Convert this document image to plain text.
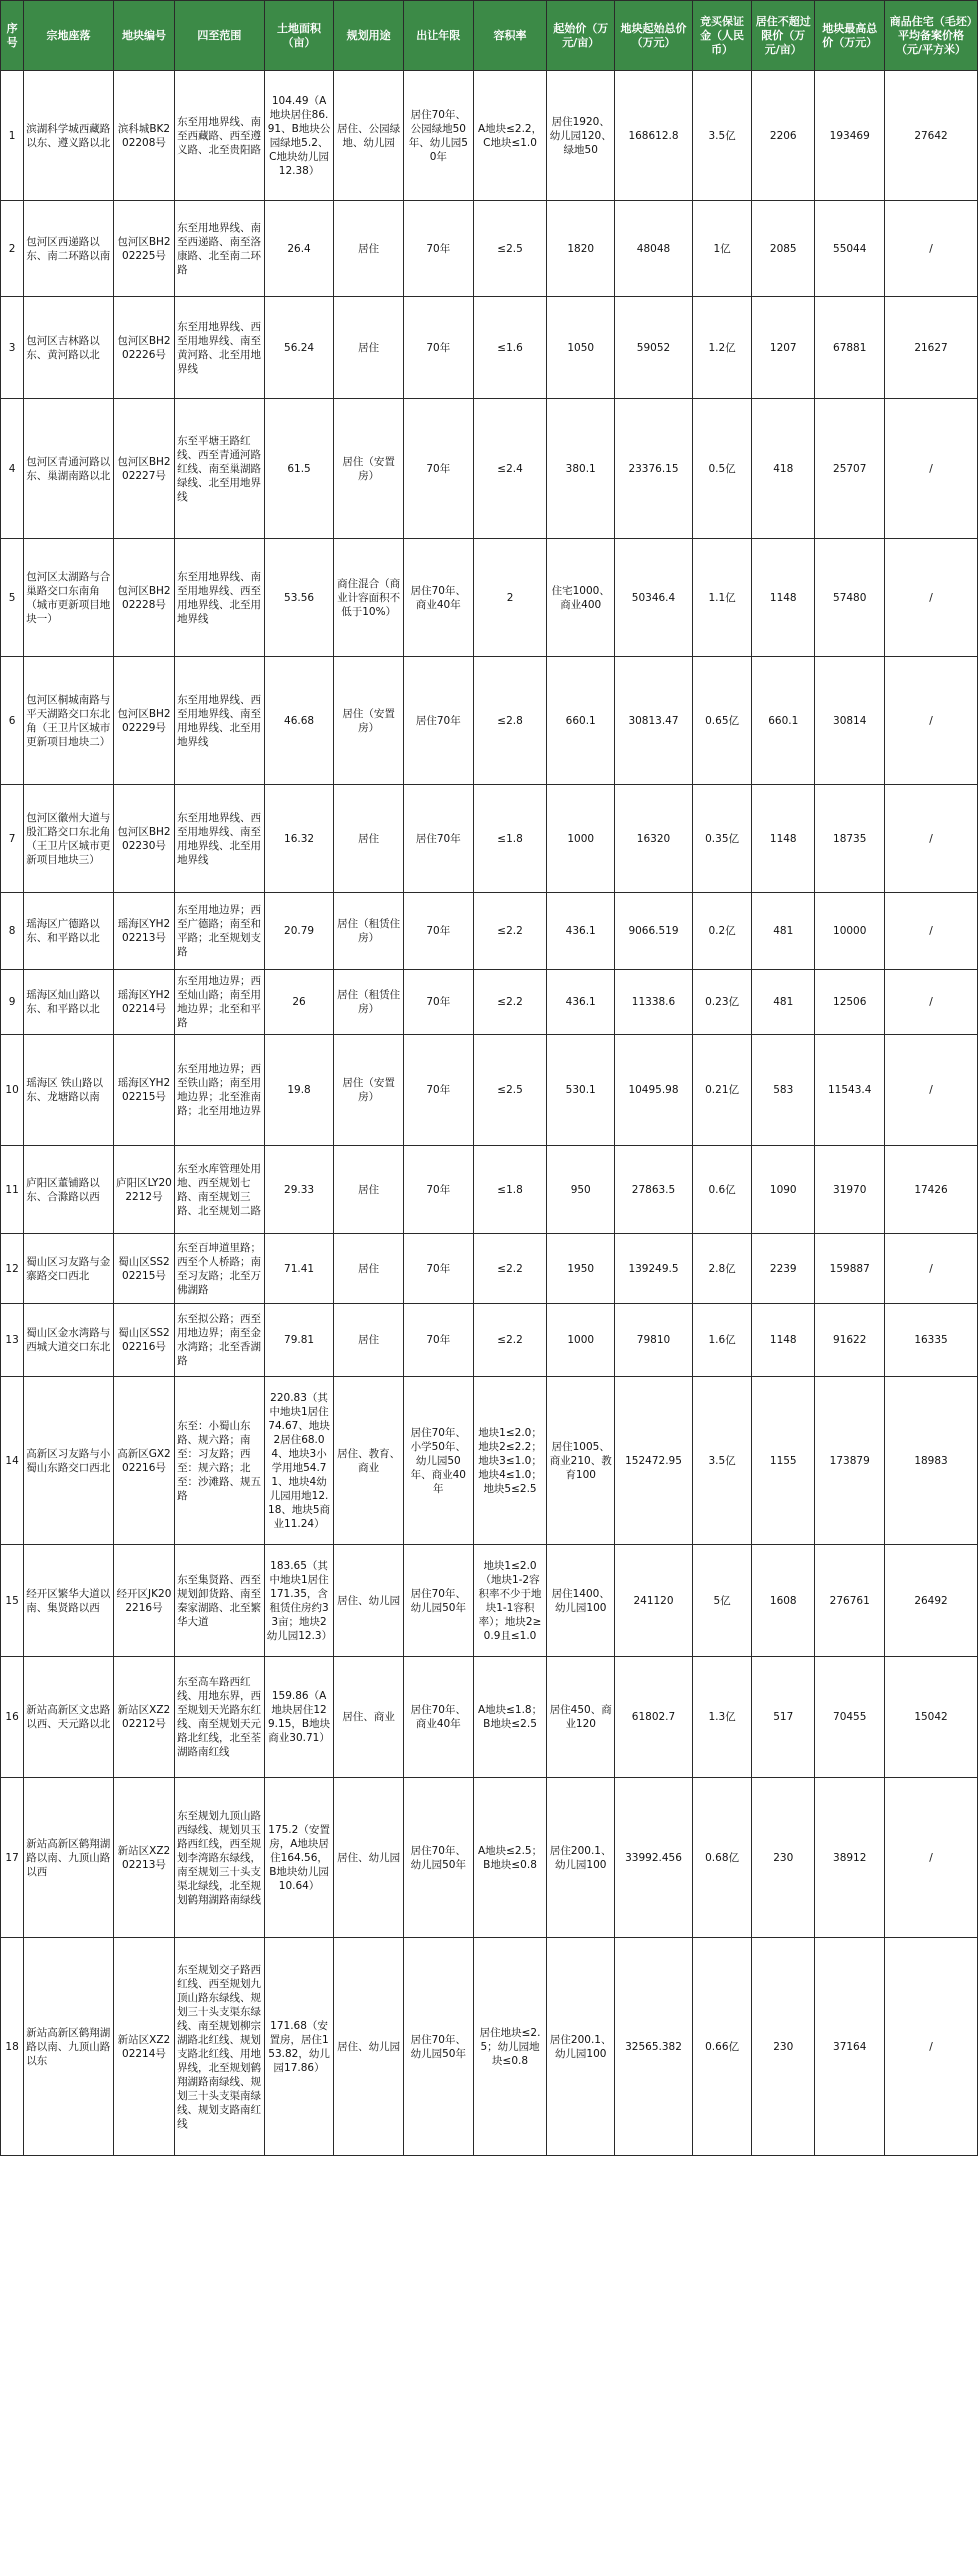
序号	宗地座落	地块编号	四至范围	土地面积（亩）	规划用途	出让年限	容积率	起始价（万元/亩）	地块起始总价（万元）	竞买保证金（人民币）	居住不超过限价（万元/亩）	地块最高总价（万元）	商品住宅（毛坯）平均备案价格（元/平方米）
1	滨湖科学城西藏路以东、遵义路以北	滨科城BK202208号	东至用地界线、南至西藏路、西至遵义路、北至贵阳路	104.49（A地块居住86.91、B地块公园绿地5.2、C地块幼儿园12.38）	居住、公园绿地、幼儿园	居住70年、公园绿地50年、幼儿园50年	A地块≤2.2，C地块≤1.0	居住1920、幼儿园120、绿地50	168612.8	3.5亿	2206	193469	27642
2	包河区西递路以东、南二环路以南	包河区BH202225号	东至用地界线、南至西递路、南至洛康路、北至南二环路	26.4	居住	70年	≤2.5	1820	48048	1亿	2085	55044	/
3	包河区吉林路以东、黄河路以北	包河区BH202226号	东至用地界线、西至用地界线、南至黄河路、北至用地界线	56.24	居住	70年	≤1.6	1050	59052	1.2亿	1207	67881	21627
4	包河区青通河路以东、巢湖南路以北	包河区BH202227号	东至平塘王路红线、西至青通河路红线、南至巢湖路绿线、北至用地界线	61.5	居住（安置房）	70年	≤2.4	380.1	23376.15	0.5亿	418	25707	/
5	包河区太湖路与合巢路交口东南角（城市更新项目地块一）	包河区BH202228号	东至用地界线、南至用地界线、西至用地界线、北至用地界线	53.56	商住混合（商业计容面积不低于10%）	居住70年、商业40年	2	住宅1000、商业400	50346.4	1.1亿	1148	57480	/
6	包河区桐城南路与平天湖路交口东北角（王卫片区城市更新项目地块二）	包河区BH202229号	东至用地界线、西至用地界线、南至用地界线、北至用地界线	46.68	居住（安置房）	居住70年	≤2.8	660.1	30813.47	0.65亿	660.1	30814	/
7	包河区徽州大道与殷汇路交口东北角（王卫片区城市更新项目地块三）	包河区BH202230号	东至用地界线、西至用地界线、南至用地界线、北至用地界线	16.32	居住	居住70年	≤1.8	1000	16320	0.35亿	1148	18735	/
8	瑶海区广德路以东、和平路以北	瑶海区YH202213号	东至用地边界；西至广德路；南至和平路；北至规划支路	20.79	居住（租赁住房）	70年	≤2.2	436.1	9066.519	0.2亿	481	10000	/
9	瑶海区灿山路以东、和平路以北	瑶海区YH202214号	东至用地边界；西至灿山路；南至用地边界；北至和平路	26	居住（租赁住房）	70年	≤2.2	436.1	11338.6	0.23亿	481	12506	/
10	瑶海区 铁山路以东、龙塘路以南	瑶海区YH202215号	东至用地边界；西至铁山路；南至用地边界；北至淮南路；北至用地边界	19.8	居住（安置房）	70年	≤2.5	530.1	10495.98	0.21亿	583	11543.4	/
11	庐阳区董铺路以东、合滁路以西	庐阳区LY202212号	东至水库管理处用地、西至规划七路、南至规划三路、北至规划二路	29.33	居住	70年	≤1.8	950	27863.5	0.6亿	1090	31970	17426
12	蜀山区习友路与金寨路交口西北	蜀山区SS202215号	东至百坤道里路；西至个人桥路；南至习友路；北至万佛湖路	71.41	居住	70年	≤2.2	1950	139249.5	2.8亿	2239	159887	/
13	蜀山区金水湾路与西城大道交口东北	蜀山区SS202216号	东至拟公路；西至用地边界；南至金水湾路；北至香湖路	79.81	居住	70年	≤2.2	1000	79810	1.6亿	1148	91622	16335
14	高新区习友路与小蜀山东路交口西北	高新区GX202216号	东至：小蜀山东路、规六路；南至：习友路；西至：规六路；北至：沙滩路、规五路	220.83（其中地块1居住74.67、地块2居住68.04、地块3小学用地54.71、地块4幼儿园用地12.18、地块5商业11.24）	居住、教育、商业	居住70年、小学50年、幼儿园50年、商业40年	地块1≤2.0；地块2≤2.2；地块3≤1.0；地块4≤1.0；地块5≤2.5	居住1005、商业210、教育100	152472.95	3.5亿	1155	173879	18983
15	经开区繁华大道以南、集贤路以西	经开区JK202216号	东至集贤路、西至规划卸货路、南至秦家湖路、北至繁华大道	183.65（其中地块1居住171.35，含租赁住房约33亩；地块2幼儿园12.3）	居住、幼儿园	居住70年、幼儿园50年	地块1≤2.0（地块1-2容积率不少于地块1-1容积率）；地块2≥0.9且≤1.0	居住1400、幼儿园100	241120	5亿	1608	276761	26492
16	新站高新区文忠路以西、天元路以北	新站区XZ202212号	东至高车路西红线、用地东界，西至规划天光路东红线、南至规划天元路北红线，北至荃湖路南红线	159.86（A地块居住129.15，B地块商业30.71）	居住、商业	居住70年、商业40年	A地块≤1.8；B地块≤2.5	居住450、商业120	61802.7	1.3亿	517	70455	15042
17	新站高新区鹤翔湖路以南、九顶山路以西	新站区XZ202213号	东至规划九顶山路西绿线、规划贝玉路西红线，西至规划李湾路东绿线，南至规划三十头支渠北绿线，北至规划鹤翔湖路南绿线	175.2（安置房，A地块居住164.56，B地块幼儿园10.64）	居住、幼儿园	居住70年、幼儿园50年	A地块≤2.5；B地块≤0.8	居住200.1、幼儿园100	33992.456	0.68亿	230	38912	/
18	新站高新区鹤翔湖路以南、九顶山路以东	新站区XZ202214号	东至规划交子路西红线、西至规划九顶山路东绿线、规划三十头支渠东绿线、南至规划柳宗湖路北红线、规划支路北红线、用地界线，北至规划鹤翔湖路南绿线、规划三十头支渠南绿线、规划支路南红线	171.68（安置房，居住153.82，幼儿园17.86）	居住、幼儿园	居住70年、幼儿园50年	居住地块≤2.5；幼儿园地块≤0.8	居住200.1、幼儿园100	32565.382	0.66亿	230	37164	/
